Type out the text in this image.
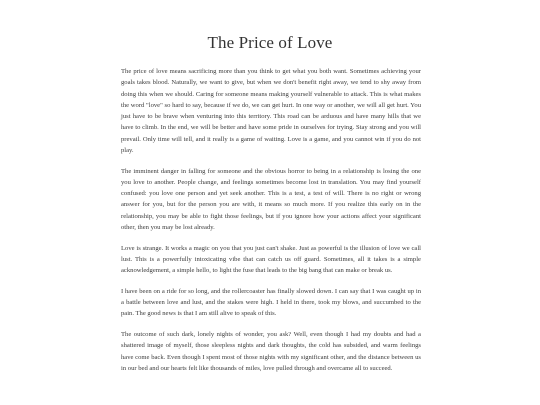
The Price of Love

The price of love means sacrificing more than you think to get what you both want. Sometimes achieving your goals takes blood. Naturally, we want to give, but when we don't benefit right away, we tend to shy away from doing this when we should. Caring for someone means making yourself vulnerable to attack. This is what makes the word "love" so hard to say, because if we do, we can get hurt. In one way or another, we will all get hurt. You just have to be brave when venturing into this territory. This road can be arduous and have many hills that we have to climb. In the end, we will be better and have some pride in ourselves for trying. Stay strong and you will prevail. Only time will tell, and it really is a game of waiting. Love is a game, and you cannot win if you do not play.

The imminent danger in falling for someone and the obvious horror to being in a relationship is losing the one you love to another. People change, and feelings sometimes become lost in translation. You may find yourself confused: you love one person and yet seek another. This is a test, a test of will. There is no right or wrong answer for you, but for the person you are with, it means so much more. If you realize this early on in the relationship, you may be able to fight those feelings, but if you ignore how your actions affect your significant other, then you may be lost already.

Love is strange. It works a magic on you that you just can't shake. Just as powerful is the illusion of love we call lust. This is a powerfully intoxicating vibe that can catch us off guard. Sometimes, all it takes is a simple acknowledgement, a simple hello, to light the fuse that leads to the big bang that can make or break us.

I have been on a ride for so long, and the rollercoaster has finally slowed down. I can say that I was caught up in a battle between love and lust, and the stakes were high. I held in there, took my blows, and succumbed to the pain. The good news is that I am still alive to speak of this.

The outcome of such dark, lonely nights of wonder, you ask? Well, even though I had my doubts and had a shattered image of myself, those sleepless nights and dark thoughts, the cold has subsided, and warm feelings have come back. Even though I spent most of those nights with my significant other, and the distance between us in our bed and our hearts felt like thousands of miles, love pulled through and overcame all to succeed.
